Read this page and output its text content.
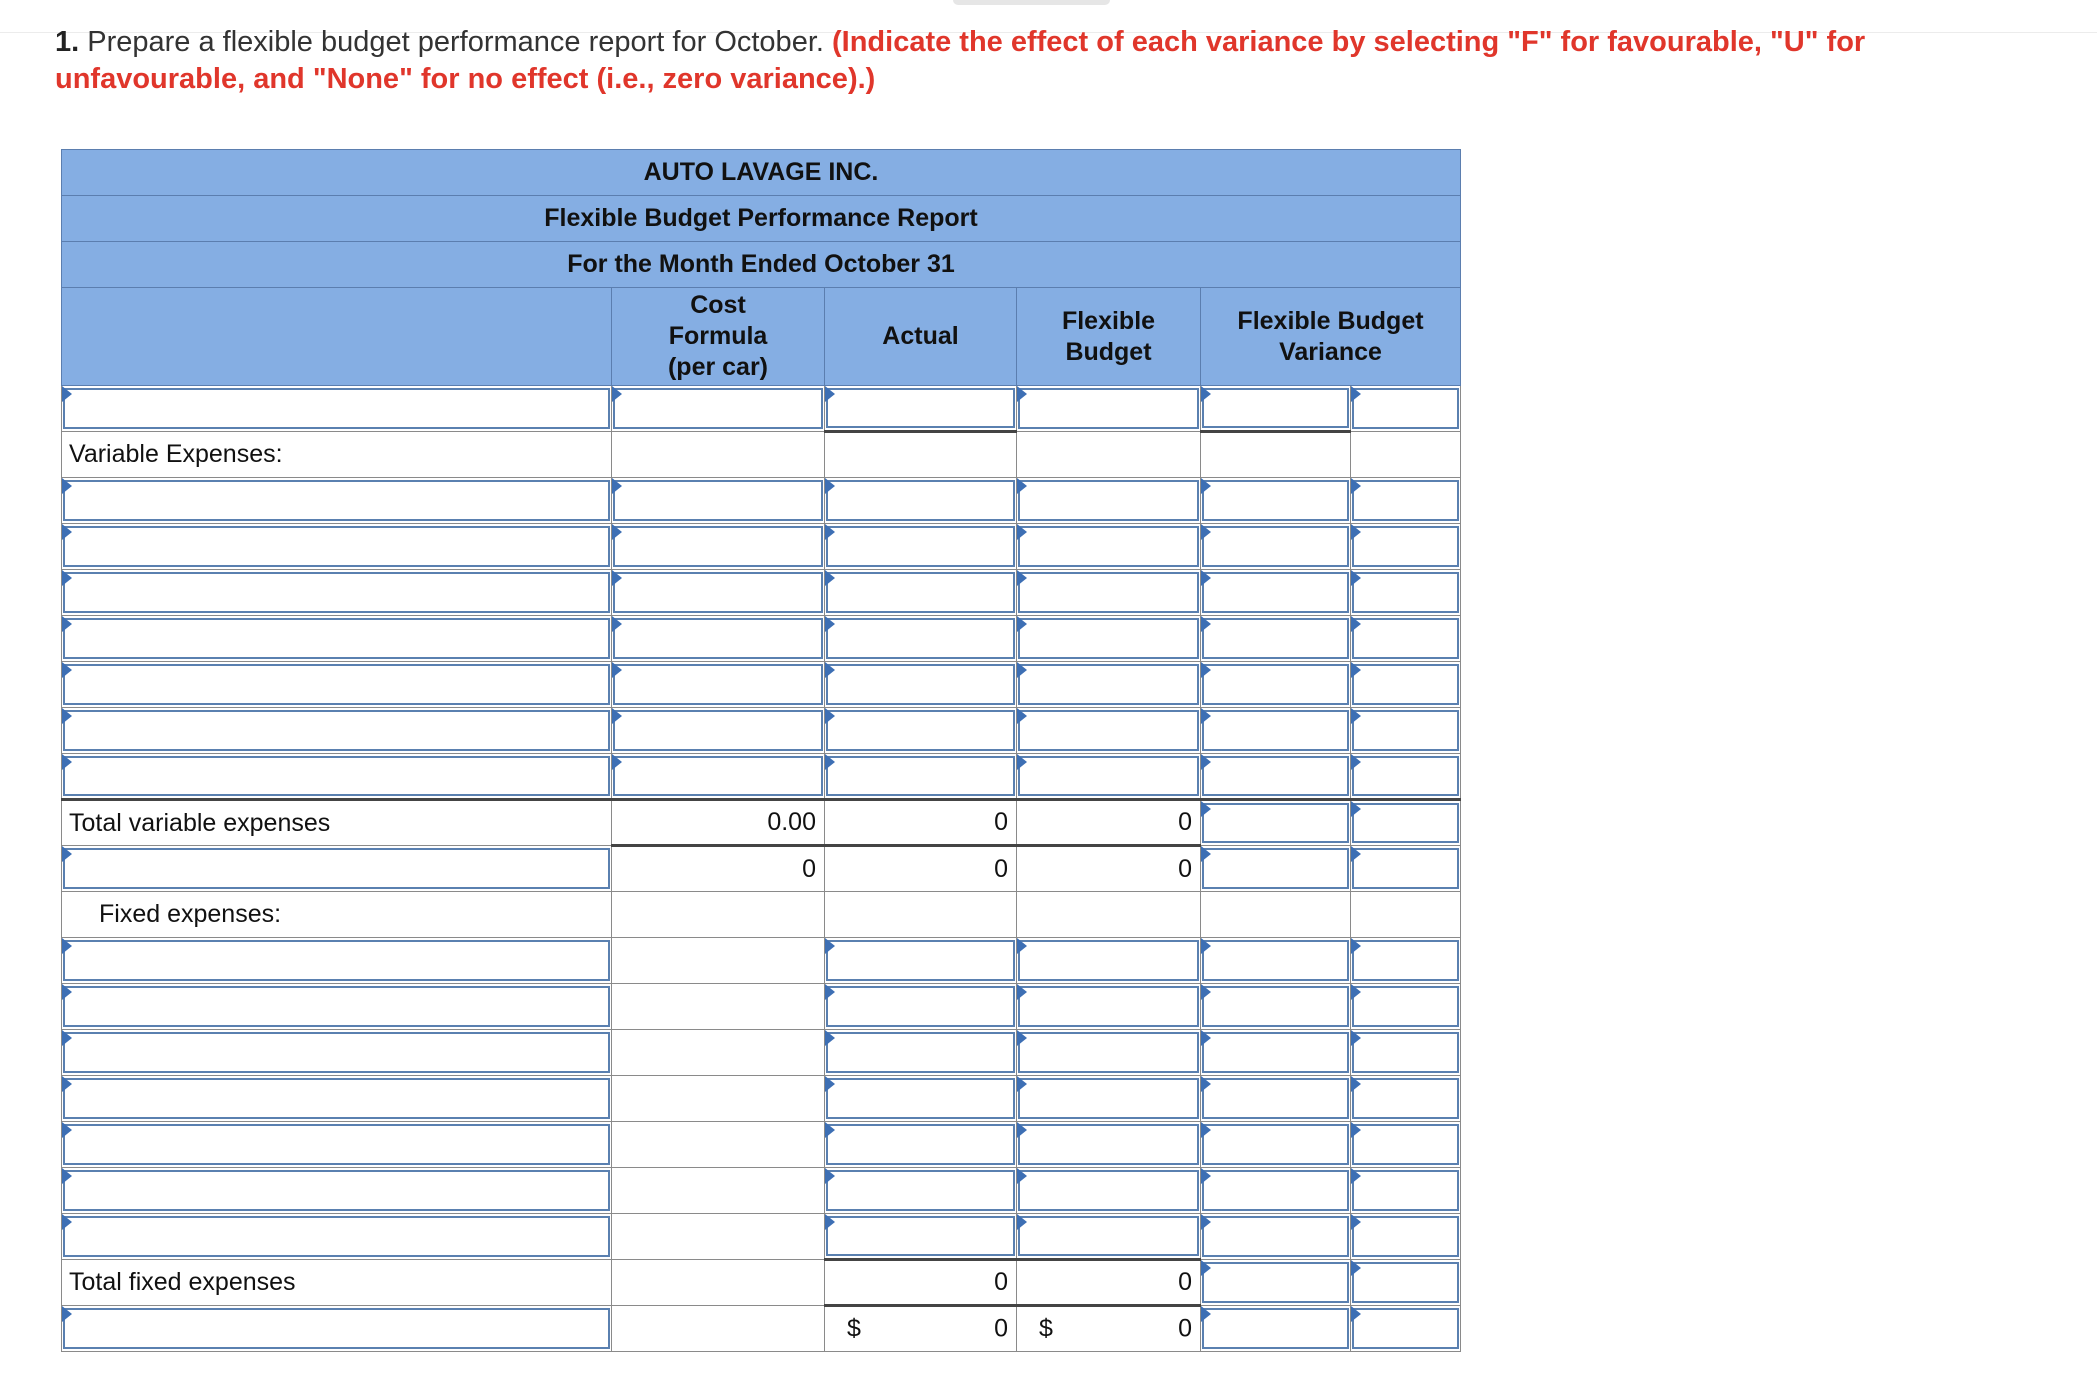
1. Prepare a flexible budget performance report for October. (Indicate the effect of each variance by selecting "F" for favourable, "U" for unfavourable, and "None" for no effect (i.e., zero variance).)
AUTO LAVAGE INC.					
Flexible Budget Performance Report					
For the Month Ended October 31					
	Cost Formula (per car)	Actual	Flexible Budget	Flexible Budget Variance	

Variable Expenses:					

Total variable expenses	0.00	0	0	

	0	0	0	

Fixed expenses:					

Total fixed expenses		0	0	

		$ 0	$ 0		
